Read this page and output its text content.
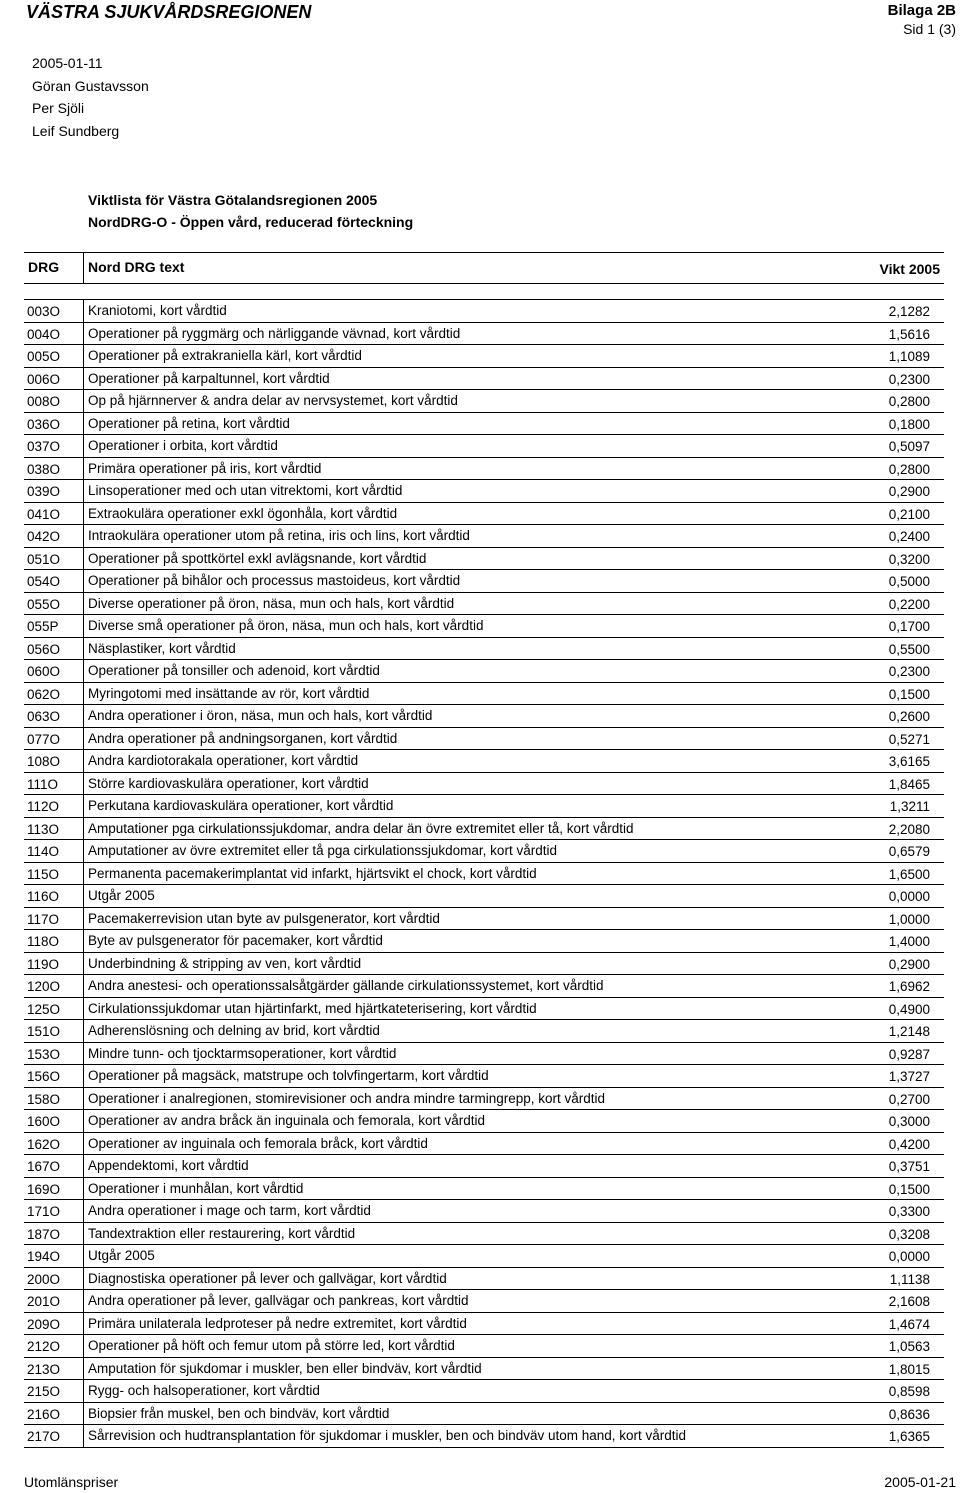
VÄSTRA SJUKVÅRDSREGIONEN	Bilaga 2B
Sid 1 (3)
2005-01-11
Göran Gustavsson
Per Sjöli
Leif Sundberg
Viktlista för Västra Götalandsregionen 2005
NordDRG-O - Öppen vård, reducerad förteckning
DRG Nord DRG text	Vikt 2005
003O	Kraniotomi, kort vårdtid	2,1282
004O	Operationer på ryggmärg och närliggande vävnad, kort vårdtid	1,5616
005O	Operationer på extrakraniella kärl, kort vårdtid	1,1089
006O	Operationer på karpaltunnel, kort vårdtid	0,2300
008O	Op på hjärnnerver & andra delar av nervsystemet, kort vårdtid	0,2800
036O	Operationer på retina, kort vårdtid	0,1800
037O	Operationer i orbita, kort vårdtid	0,5097
038O	Primära operationer på iris, kort vårdtid	0,2800
039O	Linsoperationer med och utan vitrektomi, kort vårdtid	0,2900
041O	Extraokulära operationer exkl ögonhåla, kort vårdtid	0,2100
042O	Intraokulära operationer utom på retina, iris och lins, kort vårdtid	0,2400
051O	Operationer på spottkörtel exkl avlägsnande, kort vårdtid	0,3200
054O	Operationer på bihålor och processus mastoideus, kort vårdtid	0,5000
055O	Diverse operationer på öron, näsa, mun och hals, kort vårdtid	0,2200
055P	Diverse små operationer på öron, näsa, mun och hals, kort vårdtid	0,1700
056O	Näsplastiker, kort vårdtid	0,5500
060O	Operationer på tonsiller och adenoid, kort vårdtid	0,2300
062O	Myringotomi med insättande av rör, kort vårdtid	0,1500
063O	Andra operationer i öron, näsa, mun och hals, kort vårdtid	0,2600
077O	Andra operationer på andningsorganen, kort vårdtid	0,5271
108O	Andra kardiotorakala operationer, kort vårdtid	3,6165
111O	Större kardiovaskulära operationer, kort vårdtid	1,8465
112O	Perkutana kardiovaskulära operationer, kort vårdtid	1,3211
113O	Amputationer pga cirkulationssjukdomar, andra delar än övre extremitet eller tå, kort vårdtid	2,2080
114O	Amputationer av övre extremitet eller tå pga cirkulationssjukdomar, kort vårdtid	0,6579
115O	Permanenta pacemakerimplantat vid infarkt, hjärtsvikt el chock, kort vårdtid	1,6500
116O	Utgår 2005	0,0000
117O	Pacemakerrevision utan byte av pulsgenerator, kort vårdtid	1,0000
118O	Byte av pulsgenerator för pacemaker, kort vårdtid	1,4000
119O	Underbindning & stripping av ven, kort vårdtid	0,2900
120O	Andra anestesi- och operationssalsåtgärder gällande cirkulationssystemet, kort vårdtid	1,6962
125O	Cirkulationssjukdomar utan hjärtinfarkt, med hjärtkateterisering, kort vårdtid	0,4900
151O	Adherenslösning och delning av brid, kort vårdtid	1,2148
153O	Mindre tunn- och tjocktarmsoperationer, kort vårdtid	0,9287
156O	Operationer på magsäck, matstrupe och tolvfingertarm, kort vårdtid	1,3727
158O	Operationer i analregionen, stomirevisioner och andra mindre tarmingrepp, kort vårdtid	0,2700
160O	Operationer av andra bråck än inguinala och femorala, kort vårdtid	0,3000
162O	Operationer av inguinala och femorala bråck, kort vårdtid	0,4200
167O	Appendektomi, kort vårdtid	0,3751
169O	Operationer i munhålan, kort vårdtid	0,1500
171O	Andra operationer i mage och tarm, kort vårdtid	0,3300
187O	Tandextraktion eller restaurering, kort vårdtid	0,3208
194O	Utgår 2005	0,0000
200O	Diagnostiska operationer på lever och gallvägar, kort vårdtid	1,1138
201O	Andra operationer på lever, gallvägar och pankreas, kort vårdtid	2,1608
209O	Primära unilaterala ledproteser på nedre extremitet, kort vårdtid	1,4674
212O	Operationer på höft och femur utom på större led, kort vårdtid	1,0563
213O	Amputation för sjukdomar i muskler, ben eller bindväv, kort vårdtid	1,8015
215O	Rygg- och halsoperationer, kort vårdtid	0,8598
216O	Biopsier från muskel, ben och bindväv, kort vårdtid	0,8636
217O	Sårrevision och hudtransplantation för sjukdomar i muskler, ben och bindväv utom hand, kort vårdtid	1,6365
Utomlänspriser	2005-01-21
